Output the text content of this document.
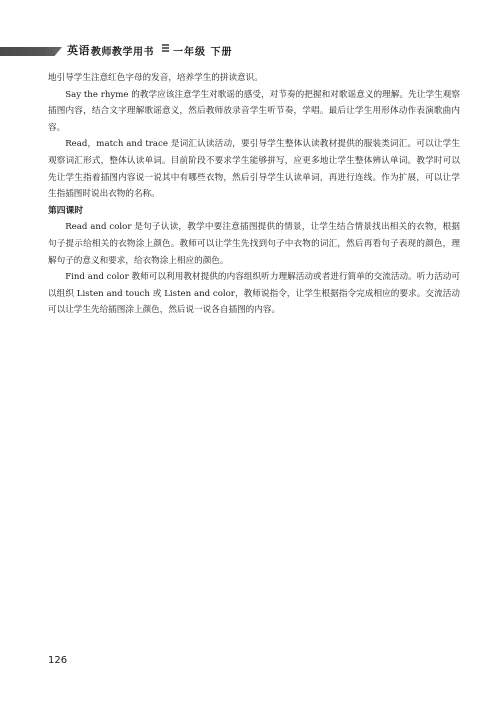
英语 教师教学用书 一年级 下册

地引导学生注意红色字母的发音，培养学生的拼读意识。

Say the rhyme 的教学应该注意学生对歌谣的感受，对节奏的把握和对歌谣意义的理解。先让学生观察插图内容，结合文字理解歌谣意义，然后教师放录音学生听节奏，学唱。最后让学生用形体动作表演歌曲内容。

Read，match and trace 是词汇认读活动，要引导学生整体认读教材提供的服装类词汇。可以让学生观察词汇形式，整体认读单词。目前阶段不要求学生能够拼写，应更多地让学生整体辨认单词。教学时可以先让学生指着插图内容说一说其中有哪些衣物，然后引导学生认读单词，再进行连线。作为扩展，可以让学生指插图时说出衣物的名称。

第四课时

Read and color 是句子认读，教学中要注意插图提供的情景，让学生结合情景找出相关的衣物，根据句子提示给相关的衣物涂上颜色。教师可以让学生先找到句子中衣物的词汇，然后再看句子表现的颜色，理解句子的意义和要求，给衣物涂上相应的颜色。

Find and color 教师可以利用教材提供的内容组织听力理解活动或者进行简单的交流活动。听力活动可以组织 Listen and touch 或 Listen and color，教师说指令，让学生根据指令完成相应的要求。交流活动可以让学生先给插图涂上颜色，然后说一说各自插图的内容。

126
